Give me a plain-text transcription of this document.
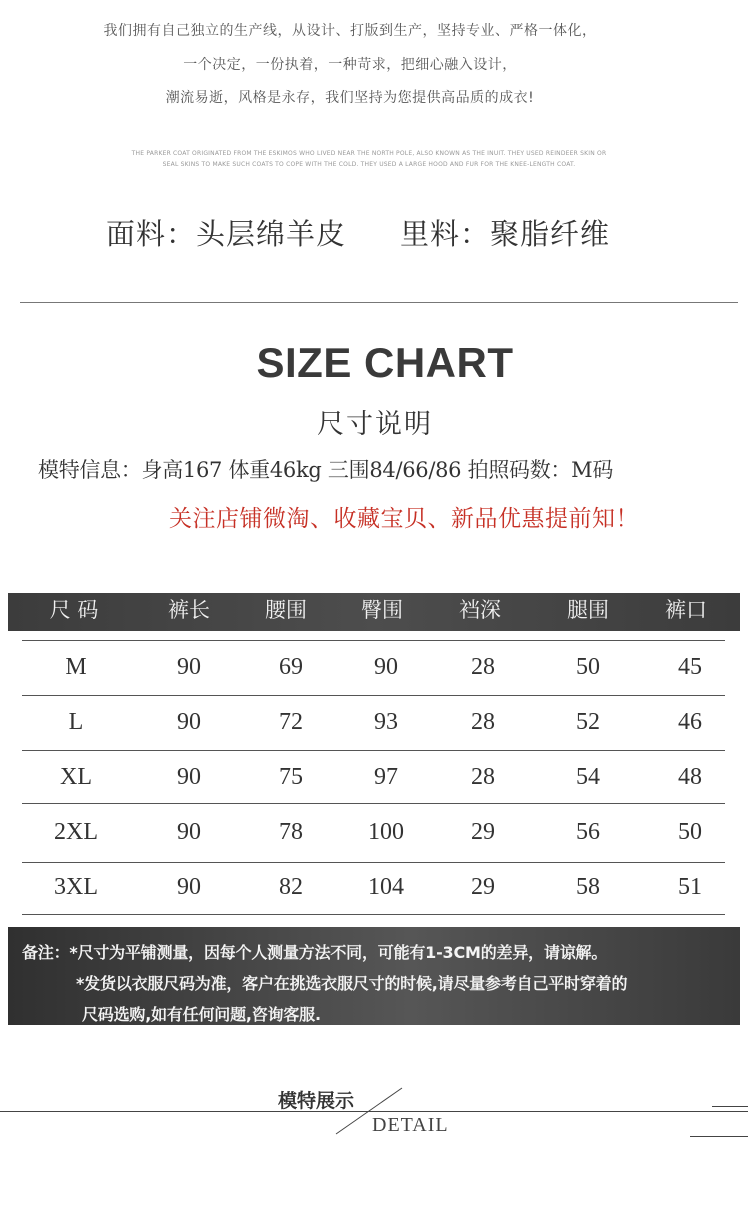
我们拥有自己独立的生产线，从设计、打版到生产，坚持专业、严格一体化，
一个决定，一份执着，一种苛求，把细心融入设计，
潮流易逝，风格是永存，我们坚持为您提供高品质的成衣!
THE PARKER COAT ORIGINATED FROM THE ESKIMOS WHO LIVED NEAR THE NORTH POLE, ALSO KNOWN AS THE INUIT. THEY USED REINDEER SKIN OR
SEAL SKINS TO MAKE SUCH COATS TO COPE WITH THE COLD. THEY USED A LARGE HOOD AND FUR FOR THE KNEE-LENGTH COAT.
面料：头层绵羊皮 里料：聚脂纤维
SIZE CHART
尺寸说明
模特信息：身高167 体重46kg 三围84/66/86 拍照码数：M码
关注店铺微淘、收藏宝贝、新品优惠提前知！
尺 码	裤长	腰围	臀围	裆深	腿围	裤口
M	90	69	90	28	50	45
L	90	72	93	28	52	46
XL	90	75	97	28	54	48
2XL	90	78	100	29	56	50
3XL	90	82	104	29	58	51
备注：*尺寸为平铺测量，因每个人测量方法不同，可能有1-3CM的差异，请谅解。
*发货以衣服尺码为准，客户在挑选衣服尺寸的时候,请尽量参考自己平时穿着的
尺码选购,如有任何问题,咨询客服.
模特展示
DETAIL
